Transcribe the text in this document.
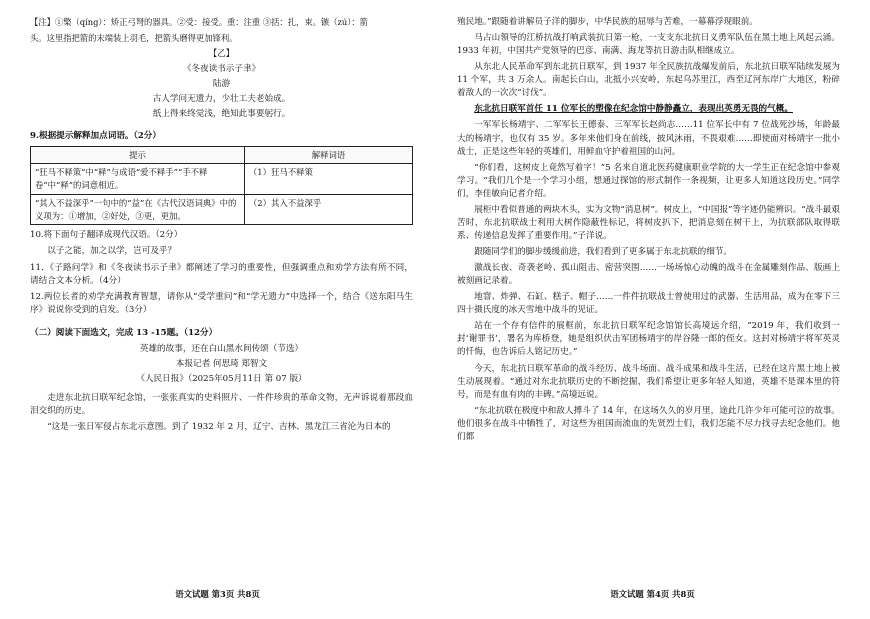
【注】①檠（qíng）：矫正弓弩的器具。②受：接受。重：注重 ③括：扎，束。镞（zú）：箭

头。这里指把箭的末端装上羽毛，把箭头磨得更加锋利。

【乙】

《冬夜读书示子聿》

陆游

古人学问无遗力，少壮工夫老始成。

纸上得来终觉浅，绝知此事要躬行。

9.根据提示解释加点词语。（2分）

提示	解释词语
“狂马不释策”中“释”与成语“爱不释手”“手不释卷”中“释”的词意相近。	（1）狂马不释策
“其入不益深乎”一句中的“益”在《古代汉语词典》中的义项为：①增加，②好处，③更，更加。	（2）其入不益深乎

10.将下面句子翻译成现代汉语。（2分）

以子之能，加之以学，岂可及乎？

11．《子路问学》和《冬夜读书示子聿》都阐述了学习的重要性，但强调重点和劝学方法有所不同，请结合文本分析。（4分）

12.两位长者的劝学充满教育智慧，请你从“受学重问”和“学无遗力”中选择一个，结合《送东阳马生序》说说你受到的启发。（3分）

（二）阅读下面选文，完成 13 -15题。（12分）

英雄的故事，还在白山黑水间传颂（节选）

本报记者 何思琦 郑智文

《人民日报》（2025年05月11日 第 07 版）

走进东北抗日联军纪念馆，一张张真实的史料照片、一件件珍贵的革命文物，无声诉说着那段血泪交织的历史。

“这是一张日军侵占东北示意图。到了 1932 年 2 月，辽宁、吉林、黑龙江三省沦为日本的

语文试题 第3页 共8页

殖民地。”跟随着讲解员子洋的脚步，中华民族的屈辱与苦难，一幕幕浮现眼前。

马占山領导的江桥抗战打响武装抗日第一枪，一支支东北抗日义勇军队伍在黑土地上风起云涌。1933 年初，中国共产党领导的巴彦、南满、海龙等抗日游击队相继成立。

从东北人民革命军到东北抗日联军，到 1937 年全民族抗战爆发前后，东北抗日联军陆续发展为 11 个军，共 3 万余人。南起长白山，北抵小兴安岭，东起乌苏里江，西至辽河东岸广大地区，粉碎着敌人的一次次“讨伐”。

东北抗日联军首任 11 位军长的塑像在纪念馆中静静矗立，表现出英勇无畏的气概。

一军军长杨靖宇、二军军长王德泰、三军军长赵尚志……11 位军长中有 7 位战死沙场，年龄最大的杨靖宇，也仅有 35 岁。多年来他们身在前线，披风沐雨，不畏艰难……即使面对杨靖宇一批小战士，正是这些年轻的英雄们，用鲜血守护着祖国的山河。

“你们看，这树皮上竟然写着字！”5 名来自道北医药健康职业学院的大一学生正在纪念馆中参观学习。“我们几个是一个学习小组，想通过探馆的形式制作一条视频，让更多人知道这段历史。”同学们，李佳敏向记者介绍。

展柜中看似普通的两块木头，实为文物“消息树”。树皮上，“中国报”等字迹仍能辨识。“战斗最艰苦时，东北抗联战士利用大树作隐蔽性标记，将树皮扒下，把消息刻在树干上，为抗联部队取得联系、传递信息发挥了重要作用。”子洋说。

跟随同学们的脚步缓缓前进，我们看到了更多属于东北抗联的细节。

激战长夜、奇袭老岭、孤山阻击、密营突围……一场场惊心动魄的战斗在金属雕刻作品、版画上被刻画记录着。

地窨、炸弹、石缸、糕子、帽子……一件件抗联战士曾使用过的武器、生活用品，成为在零下三四十摄氏度的冰天雪地中战斗的见证。

站在一个存有信件的展框前，东北抗日联军纪念馆馆长高境远介绍，“2019 年，我们收到一封‘谢罪书’，署名为库桥登，她是组织伏击军团杨靖宇的岸谷隆一郎的侄女。这封对杨靖宇将军英灵的忏悔，也告诉后人铭记历史。”

今天，东北抗日联军革命的战斗经历、战斗场面、战斗成果和战斗生活，已经在这片黑土地上被生动展现着。“通过对东北抗联历史的不断挖掘，我们希望让更多年轻人知道，英雄不是课本里的符号，而是有血有肉的丰碑。”高境远说。

“东北抗联在极度中和敌人搏斗了 14 年，在这场久久的岁月里，途此几许少年可能可泣的故事。他们很多在战斗中牺牲了，对这些为祖国而流血的先贤烈士们，我们怎能不尽力找寻去纪念他们。他们都

语文试题 第4页 共8页
